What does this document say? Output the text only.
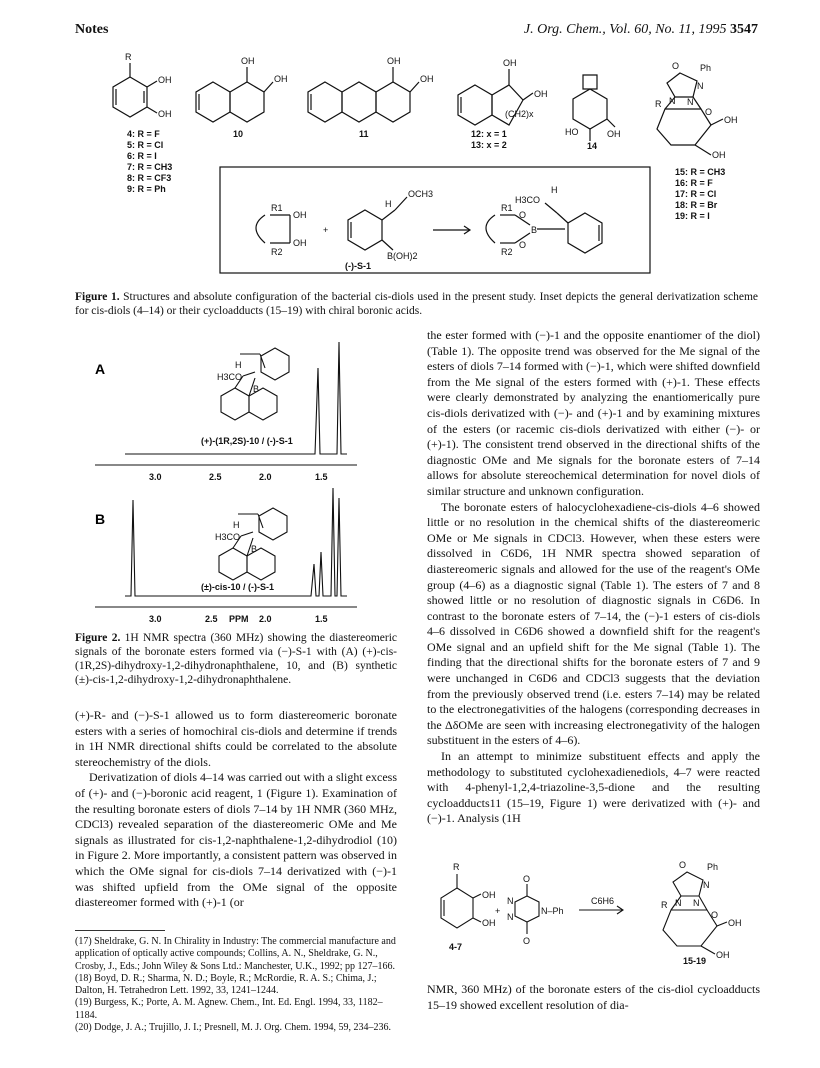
Notes	J. Org. Chem., Vol. 60, No. 11, 1995 3547
R
OH
OH
OH
OH
OH
OH
OH
OH
(CH2)x
HO	OH
O Ph
N
N N
R
O
OH
OH
4: R = F
5: R = Cl
6: R = I
7: R = CH3
8: R = CF3
9: R = Ph
10	11	12: x = 1
13: x = 2	14
15: R = CH3
16: R = F
17: R = Cl
18: R = Br
19: R = I
R1
R2
OH
OH
+
H
OCH3
B(OH)2
(-)-S-1
R1
R2
O
O
B
H3CO
H
Figure 1. Structures and absolute configuration of the bacterial cis-diols used in the present study. Inset depicts the general derivatization scheme for cis-diols (4–14) or their cycloadducts (15–19) with chiral boronic acids.
A
B
H
H3CO
B
H
H3CO
B
(+)-(1R,2S)-10 / (-)-S-1
(±)-cis-10 / (-)-S-1
3.0	2.5	2.0	1.5
3.0	2.5 PPM 2.0	1.5
Figure 2. 1H NMR spectra (360 MHz) showing the diastereomeric signals of the boronate esters formed via (−)-S-1 with (A) (+)-cis-(1R,2S)-dihydroxy-1,2-dihydronaphthalene, 10, and (B) synthetic (±)-cis-1,2-dihydroxy-1,2-dihydronaphthalene.

(+)-R- and (−)-S-1 allowed us to form diastereomeric boronate esters with a series of homochiral cis-diols and determine if trends in 1H NMR directional shifts could be correlated to the absolute stereochemistry of the diols.

Derivatization of diols 4–14 was carried out with a slight excess of (+)- and (−)-boronic acid reagent, 1 (Figure 1). Examination of the resulting boronate esters of diols 7–14 by 1H NMR (360 MHz, CDCl3) revealed separation of the diastereomeric OMe and Me signals as illustrated for cis-1,2-naphthalene-1,2-dihydrodiol (10) in Figure 2. More importantly, a consistent pattern was observed in which the OMe signal for cis-diols 7–14 derivatized with (−)-1 was shifted upfield from the OMe signal of the opposite diastereomer formed with (+)-1 (or

(17) Sheldrake, G. N. In Chirality in Industry: The commercial manufacture and application of optically active compounds; Collins, A. N., Sheldrake, G. N., Crosby, J., Eds.; John Wiley & Sons Ltd.: Manchester, U.K., 1992; pp 127–166.
(18) Boyd, D. R.; Sharma, N. D.; Boyle, R.; McRordie, R. A. S.; Chima, J.; Dalton, H. Tetrahedron Lett. 1992, 33, 1241–1244.
(19) Burgess, K.; Porte, A. M. Agnew. Chem., Int. Ed. Engl. 1994, 33, 1182–1184.
(20) Dodge, J. A.; Trujillo, J. I.; Presnell, M. J. Org. Chem. 1994, 59, 234–236.

the ester formed with (−)-1 and the opposite enantiomer of the diol) (Table 1). The opposite trend was observed for the Me signal of the esters of diols 7–14 formed with (−)-1, which were shifted downfield from the Me signal of the esters formed with (+)-1. These effects were clearly demonstrated by analyzing the enantiomerically pure cis-diols derivatized with (−)- and (+)-1 and by examining mixtures of the esters (or racemic cis-diols derivatized with either (−)- or (+)-1). The consistent trend observed in the directional shifts of the diagnostic OMe and Me signals for the boronate esters of 7–14 allows for absolute stereochemical determination for novel diols of similar structure and unknown configuration.

The boronate esters of halocyclohexadiene-cis-diols 4–6 showed little or no resolution in the chemical shifts of the diastereomeric OMe or Me signals in CDCl3. However, when these esters were dissolved in C6D6, 1H NMR spectra showed separation of diastereomeric signals and allowed for the use of the reagent's OMe group (4–6) as a diagnostic signal (Table 1). The esters of 7 and 8 showed little or no resolution of diagnostic signals in C6D6. In contrast to the boronate esters of 7–14, the (−)-1 esters of cis-diols 4–6 dissolved in C6D6 showed a downfield shift for the reagent's OMe signal and an upfield shift for the Me signal (Table 1). The finding that the directional shifts for the boronate esters of 7 and 9 were unchanged in C6D6 and CDCl3 suggests that the deviation from the previously observed trend (i.e. esters 7–14) may be related to the electronegativities of the halogens (corresponding decreases in the ΔδOMe are seen with increasing electronegativity of the halogen substituent in the esters of 4–6).

In an attempt to minimize substituent effects and apply the methodology to substituted cyclohexadienediols, 4–7 were reacted with 4-phenyl-1,2,4-triazoline-3,5-dione and the resulting cycloadducts11 (15–19, Figure 1) were derivatized with (+)- and (−)-1. Analysis (1H

R
OH
OH
4-7
+
O
O
N
N
N–Ph
C6H6
O Ph
N
N N
R
O
OH
OH
15-19

NMR, 360 MHz) of the boronate esters of the cis-diol cycloadducts 15–19 showed excellent resolution of dia-
